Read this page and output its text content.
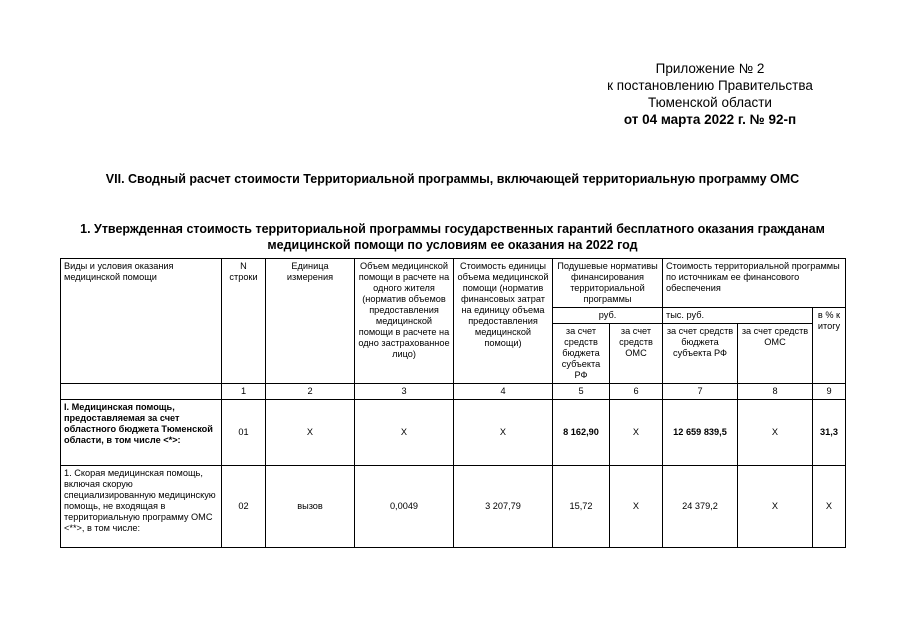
Приложение № 2
к постановлению Правительства
Тюменской области
от 04 марта 2022 г. № 92-п
VII. Сводный расчет стоимости Территориальной программы, включающей территориальную программу ОМС
1. Утвержденная стоимость территориальной программы государственных гарантий бесплатного оказания гражданам медицинской помощи по условиям ее оказания на 2022 год
Виды и условия оказания медицинской помощи	N строки	Единица измерения	Объем медицинской помощи в расчете на одного жителя (норматив объемов предоставления медицинской помощи в расчете на одно застрахованное лицо)	Стоимость единицы объема медицинской помощи (норматив финансовых затрат на единицу объема предоставления медицинской помощи)	Подушевые нормативы финансирования территориальной программы		Стоимость территориальной программы по источникам ее финансового обеспечения		
					руб.		тыс. руб.		в % к итогу
					за счет средств бюджета субъекта РФ	за счет средств ОМС	за счет средств бюджета субъекта РФ	за счет средств ОМС	
	1	2	3	4	5	6	7	8	9
I. Медицинская помощь, предоставляемая за счет областного бюджета Тюменской области, в том числе <*>:	01	Х	Х	Х	8 162,90	Х	12 659 839,5	Х	31,3
1. Скорая медицинская помощь, включая скорую специализированную медицинскую помощь, не входящая в территориальную программу ОМС <**>, в том числе:	02	вызов	0,0049	3 207,79	15,72	Х	24 379,2	Х	Х
